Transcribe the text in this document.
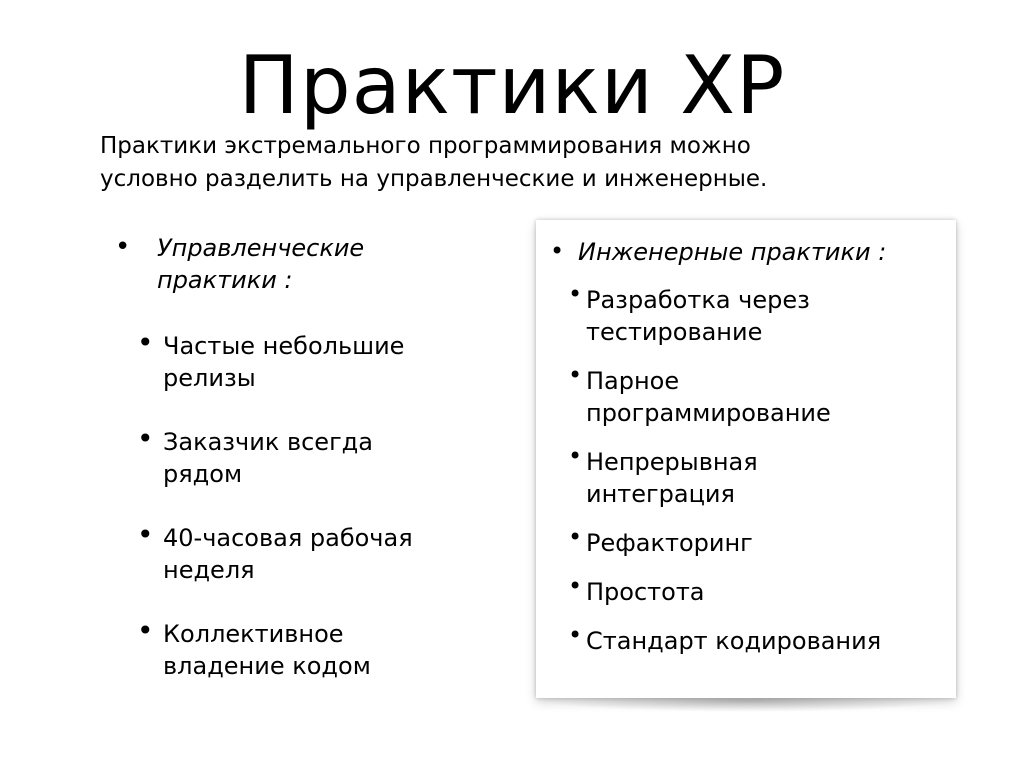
Практики XP
Практики экстремального программирования можно
условно разделить на управленческие и инженерные.
• Управленческие
практики :
• Частые небольшие
релизы
• Заказчик всегда
рядом
• 40-часовая рабочая
неделя
• Коллективное
владение кодом
• Инженерные практики :
• Разработка через
тестирование
• Парное
программирование
• Непрерывная
интеграция
• Рефакторинг
• Простота
• Стандарт кодирования
